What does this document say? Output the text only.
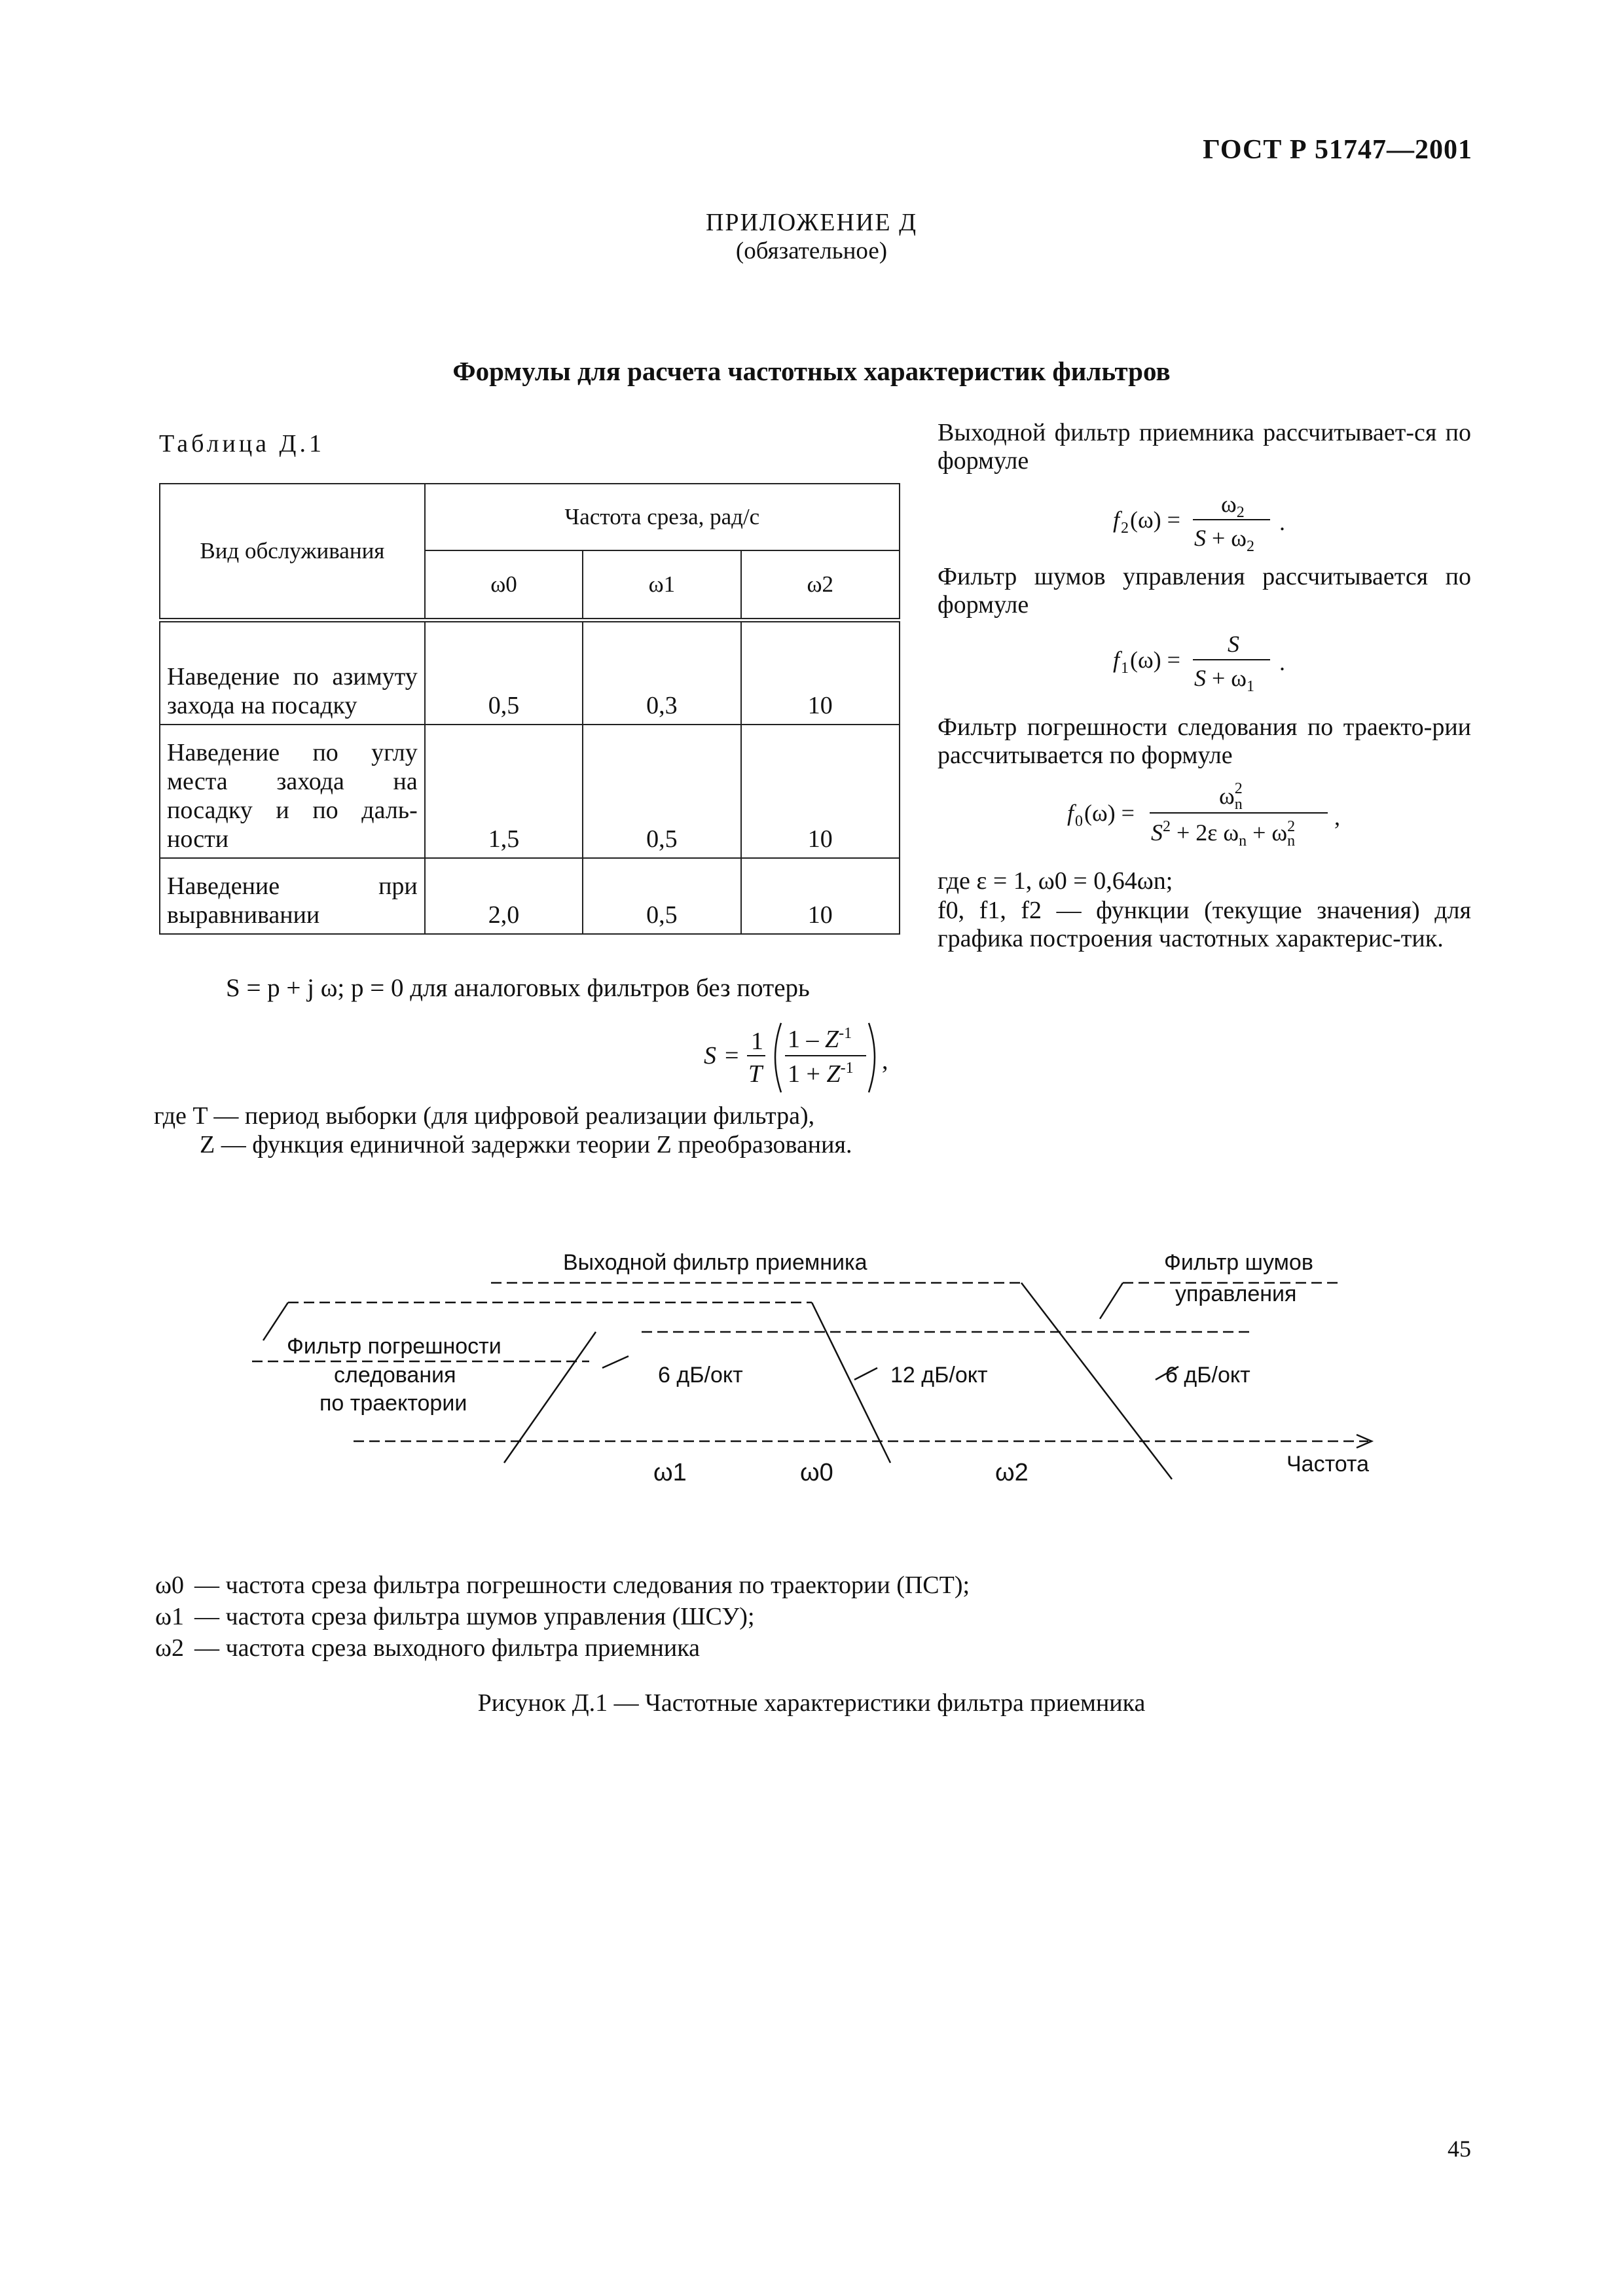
ГОСТ Р 51747—2001
ПРИЛОЖЕНИЕ Д
(обязательное)
Формулы для расчета частотных характеристик фильтров
Таблица Д.1
Вид обслуживания	Частота среза, рад/с		
	ω0	ω1	ω2
Наведение по азимуту захода на посадку	0,5	0,3	10
Наведение по углу места захода на посадку и по даль-ности	1,5	0,5	10
Наведение при выравнивании	2,0	0,5	10
S = p + j ω; p = 0 для аналоговых фильтров без потерь
S =
1
T
$1 - Z^{-1}$
$1 + Z^{-1}$ ,
где T — период выборки (для цифровой реализации фильтра),
Z — функция единичной задержки теории Z преобразования.
Выходной фильтр приемника рассчитывает-ся по формуле
f 2 (ω) =
$\omega_2$
$S + \omega_2$
.
Фильтр шумов управления рассчитывается по формуле
f 1 (ω) =
S
$S + \omega_1$
.
Фильтр погрешности следования по траекто-рии рассчитывается по формуле
f 0 (ω) =
$\omega^2$ n
$S^2 + 2\varepsilon$ $\omega_n + \omega^2$ n
,
где ε = 1, ω0 = 0,64ωn;
f0, f1, f2 — функции (текущие значения) для графика построения частотных характерис-тик.
Выходной фильтр приемника	Фильтр шумов
управления
Фильтр погрешности
следования
по траектории
6 дБ/окт	12 дБ/окт	6 дБ/окт
ω1	ω0	ω2	Частота
ω0 — частота среза фильтра погрешности следования по траектории (ПСТ);
ω1 — частота среза фильтра шумов управления (ШСУ);
ω2 — частота среза выходного фильтра приемника
Рисунок Д.1 — Частотные характеристики фильтра приемника
45
